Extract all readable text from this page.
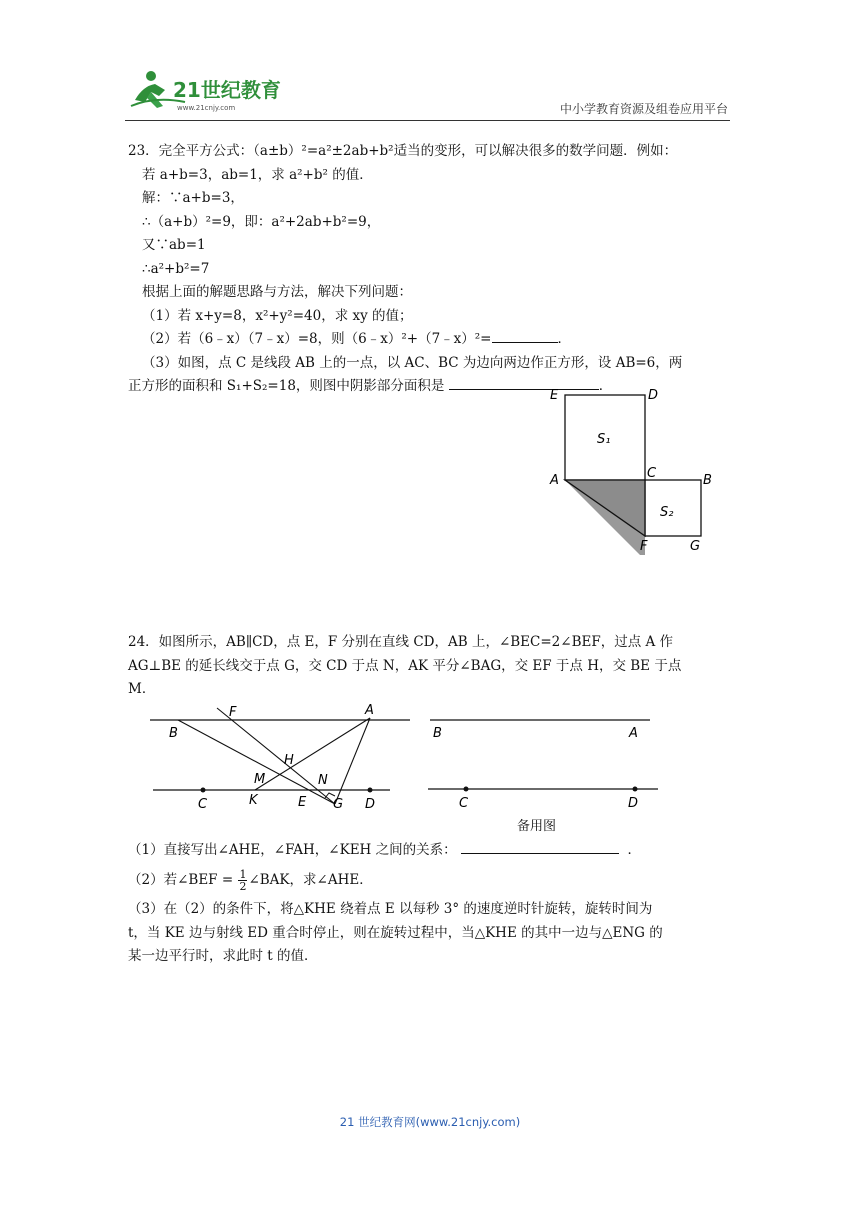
21世纪教育
www.21cnjy.com	中小学教育资源及组卷应用平台

23．完全平方公式：（a±b）²=a²±2ab+b²适当的变形，可以解决很多的数学问题．例如：

若 a+b=3，ab=1，求 a²+b² 的值．

解：∵a+b=3，

∴（a+b）²=9，即：a²+2ab+b²=9，

又∵ab=1

∴a²+b²=7

根据上面的解题思路与方法，解决下列问题：

（1）若 x+y=8，x²+y²=40，求 xy 的值；

（2）若（6﹣x）（7﹣x）=8，则（6﹣x）²+（7﹣x）²=	．

（3）如图，点 C 是线段 AB 上的一点，以 AC、BC 为边向两边作正方形，设 AB=6，两

正方形的面积和 S₁+S₂=18，则图中阴影部分面积是	．

E	D
S₁
A	C	B
S₂
F	G

24．如图所示，AB∥CD，点 E，F 分别在直线 CD，AB 上，∠BEC=2∠BEF，过点 A 作

AG⊥BE 的延长线交于点 G，交 CD 于点 N，AK 平分∠BAG，交 EF 于点 H，交 BE 于点

M．

F	A
B
H
M	N
C	K	E G D
B	A
C	D
备用图

（1）直接写出∠AHE，∠FAH，∠KEH 之间的关系：	．

（2）若∠BEF = $\frac{1}{2}$ ∠BAK，求∠AHE．

（3）在（2）的条件下，将△KHE 绕着点 E 以每秒 3° 的速度逆时针旋转，旋转时间为

t，当 KE 边与射线 ED 重合时停止，则在旋转过程中，当△KHE 的其中一边与△ENG 的

某一边平行时，求此时 t 的值．

21 世纪教育网(www.21cnjy.com)
